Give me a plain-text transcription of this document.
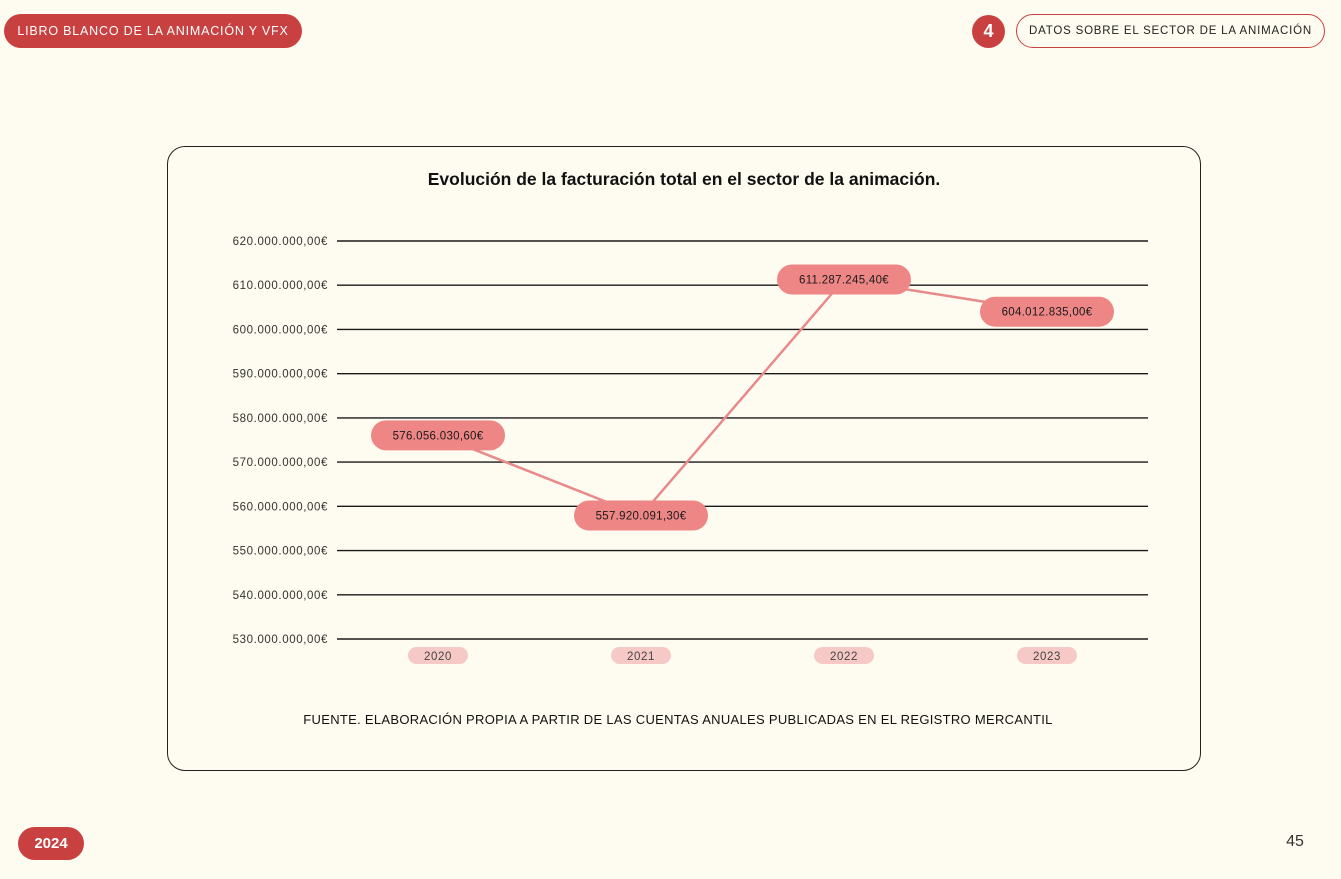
LIBRO BLANCO DE LA ANIMACIÓN Y VFX	4	DATOS SOBRE EL SECTOR DE LA ANIMACIÓN
Evolución de la facturación total en el sector de la animación.
530.000.000,00€
540.000.000,00€
550.000.000,00€
560.000.000,00€
570.000.000,00€
580.000.000,00€
590.000.000,00€
600.000.000,00€
610.000.000,00€
620.000.000,00€
2020	2021	2022	2023
576.056.030,60€
557.920.091,30€
611.287.245,40€
604.012.835,00€
FUENTE. ELABORACIÓN PROPIA A PARTIR DE LAS CUENTAS ANUALES PUBLICADAS EN EL REGISTRO MERCANTIL
2024	45
